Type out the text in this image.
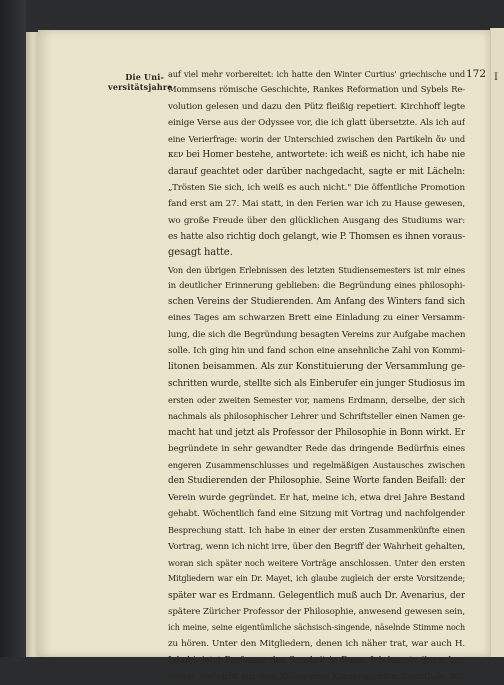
I
Die Uni-
versitätsjahre
172
auf viel mehr vorbereitet: ich hatte den Winter Curtius' griechische und
Mommsens römische Geschichte, Rankes Reformation und Sybels Re-
volution gelesen und dazu den Pütz fleißig repetiert. Kirchhoff legte
einige Verse aus der Odyssee vor, die ich glatt übersetzte. Als ich auf
eine Verierfrage: worin der Unterschied zwischen den Partikeln ἄν und
κεν bei Homer bestehe, antwortete: ich weiß es nicht, ich habe nie
darauf geachtet oder darüber nachgedacht, sagte er mit Lächeln:
„Trösten Sie sich, ich weiß es auch nicht." Die öffentliche Promotion
fand erst am 27. Mai statt, in den Ferien war ich zu Hause gewesen,
wo große Freude über den glücklichen Ausgang des Studiums war:
es hatte also richtig doch gelangt, wie P. Thomsen es ihnen voraus-
gesagt hatte.
Von den übrigen Erlebnissen des letzten Studiensemesters ist mir eines
in deutlicher Erinnerung geblieben: die Begründung eines philosophi-
schen Vereins der Studierenden. Am Anfang des Winters fand sich
eines Tages am schwarzen Brett eine Einladung zu einer Versamm-
lung, die sich die Begründung besagten Vereins zur Aufgabe machen
solle. Ich ging hin und fand schon eine ansehnliche Zahl von Kommi-
litonen beisammen. Als zur Konstituierung der Versammlung ge-
schritten wurde, stellte sich als Einberufer ein junger Studiosus im
ersten oder zweiten Semester vor, namens Erdmann, derselbe, der sich
nachmals als philosophischer Lehrer und Schriftsteller einen Namen ge-
macht hat und jetzt als Professor der Philosophie in Bonn wirkt. Er
begründete in sehr gewandter Rede das dringende Bedürfnis eines
engeren Zusammenschlusses und regelmäßigen Austausches zwischen
den Studierenden der Philosophie. Seine Worte fanden Beifall: der
Verein wurde gegründet. Er hat, meine ich, etwa drei Jahre Bestand
gehabt. Wöchentlich fand eine Sitzung mit Vortrag und nachfolgender
Besprechung statt. Ich habe in einer der ersten Zusammenkünfte einen
Vortrag, wenn ich nicht irre, über den Begriff der Wahrheit gehalten,
woran sich später noch weitere Vorträge anschlossen. Unter den ersten
Mitgliedern war ein Dr. Mayet, ich glaube zugleich der erste Vorsitzende;
später war es Erdmann. Gelegentlich muß auch Dr. Avenarius, der
spätere Züricher Professor der Philosophie, anwesend gewesen sein,
ich meine, seine eigentümliche sächsisch-singende, näselnde Stimme noch
zu hören. Unter den Mitgliedern, denen ich näher trat, war auch H.
Jakobi, jetzt Professor des Sanskrit in Bonn. Ich kannte ihn schon
länger, vielleicht aus dem Kolleg oder Konversatorium Steinthals. Wir
